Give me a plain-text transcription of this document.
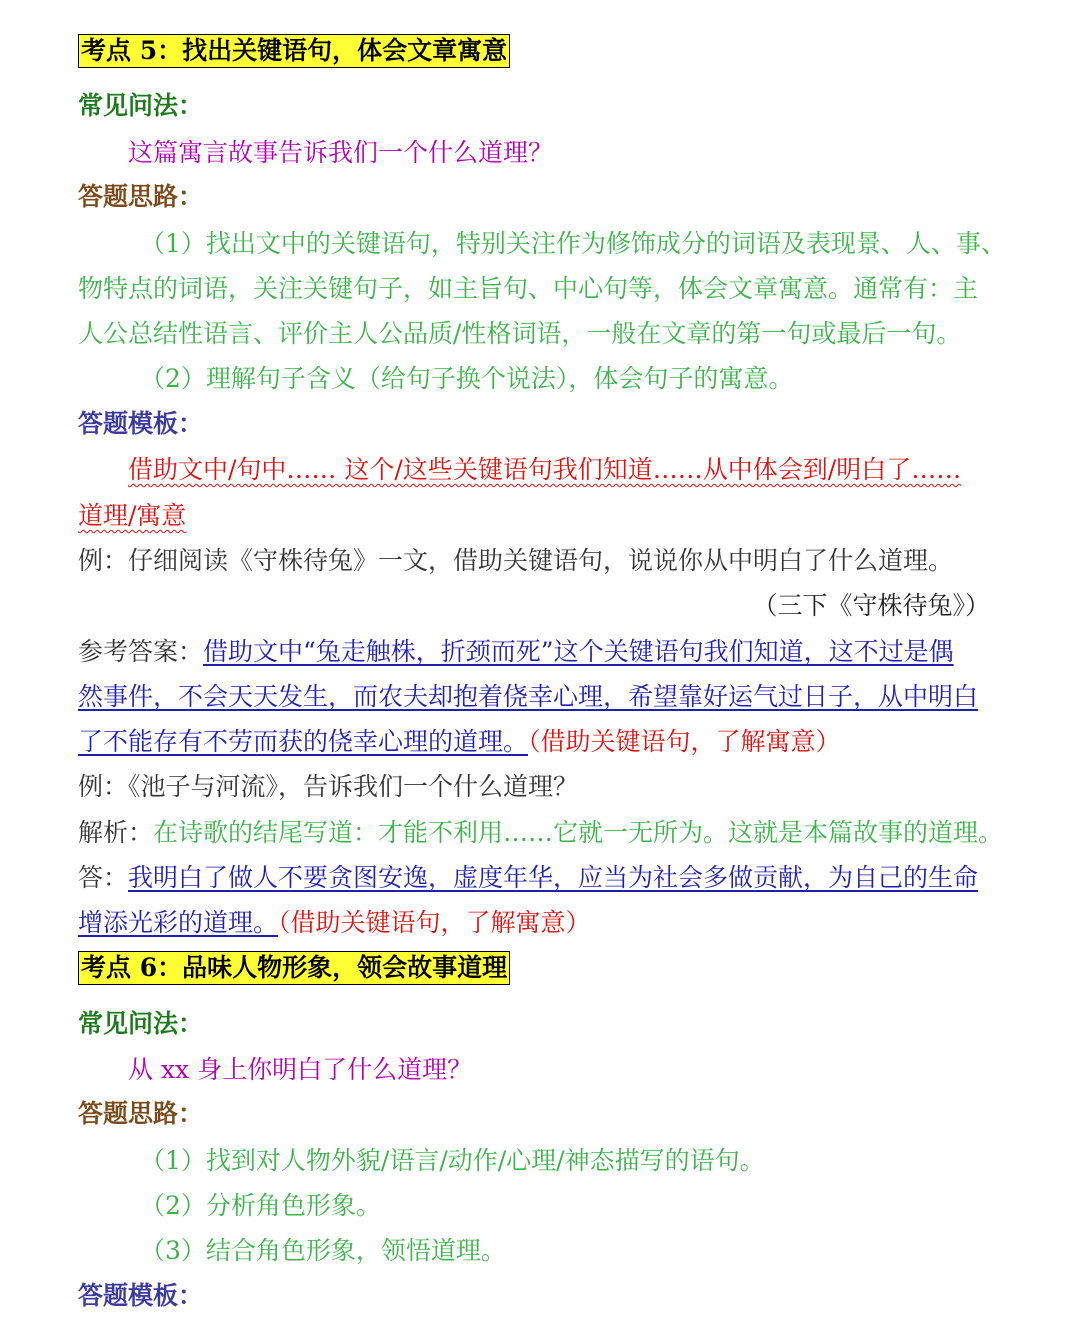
考点 5：找出关键语句，体会文章寓意
常见问法：
这篇寓言故事告诉我们一个什么道理？
答题思路：
（1）找出文中的关键语句，特别关注作为修饰成分的词语及表现景、人、事、
物特点的词语，关注关键句子，如主旨句、中心句等，体会文章寓意。通常有：主
人公总结性语言、评价主人公品质/性格词语，一般在文章的第一句或最后一句。
（2）理解句子含义（给句子换个说法），体会句子的寓意。
答题模板：
借助文中/句中…… 这个/这些关键语句我们知道……从中体会到/明白了……
道理/寓意
例：仔细阅读《守株待兔》一文，借助关键语句，说说你从中明白了什么道理。
（三下《守株待兔》）
参考答案：借助文中“兔走触株，折颈而死”这个关键语句我们知道，这不过是偶
然事件，不会天天发生，而农夫却抱着侥幸心理，希望靠好运气过日子，从中明白
了不能存有不劳而获的侥幸心理的道理。（借助关键语句，了解寓意）
例：《池子与河流》，告诉我们一个什么道理？
解析：在诗歌的结尾写道：才能不利用……它就一无所为。这就是本篇故事的道理。
答：我明白了做人不要贪图安逸，虚度年华，应当为社会多做贡献，为自己的生命
增添光彩的道理。（借助关键语句，了解寓意）
考点 6：品味人物形象，领会故事道理
常见问法：
从 xx 身上你明白了什么道理？
答题思路：
（1）找到对人物外貌/语言/动作/心理/神态描写的语句。
（2）分析角色形象。
（3）结合角色形象，领悟道理。
答题模板：
